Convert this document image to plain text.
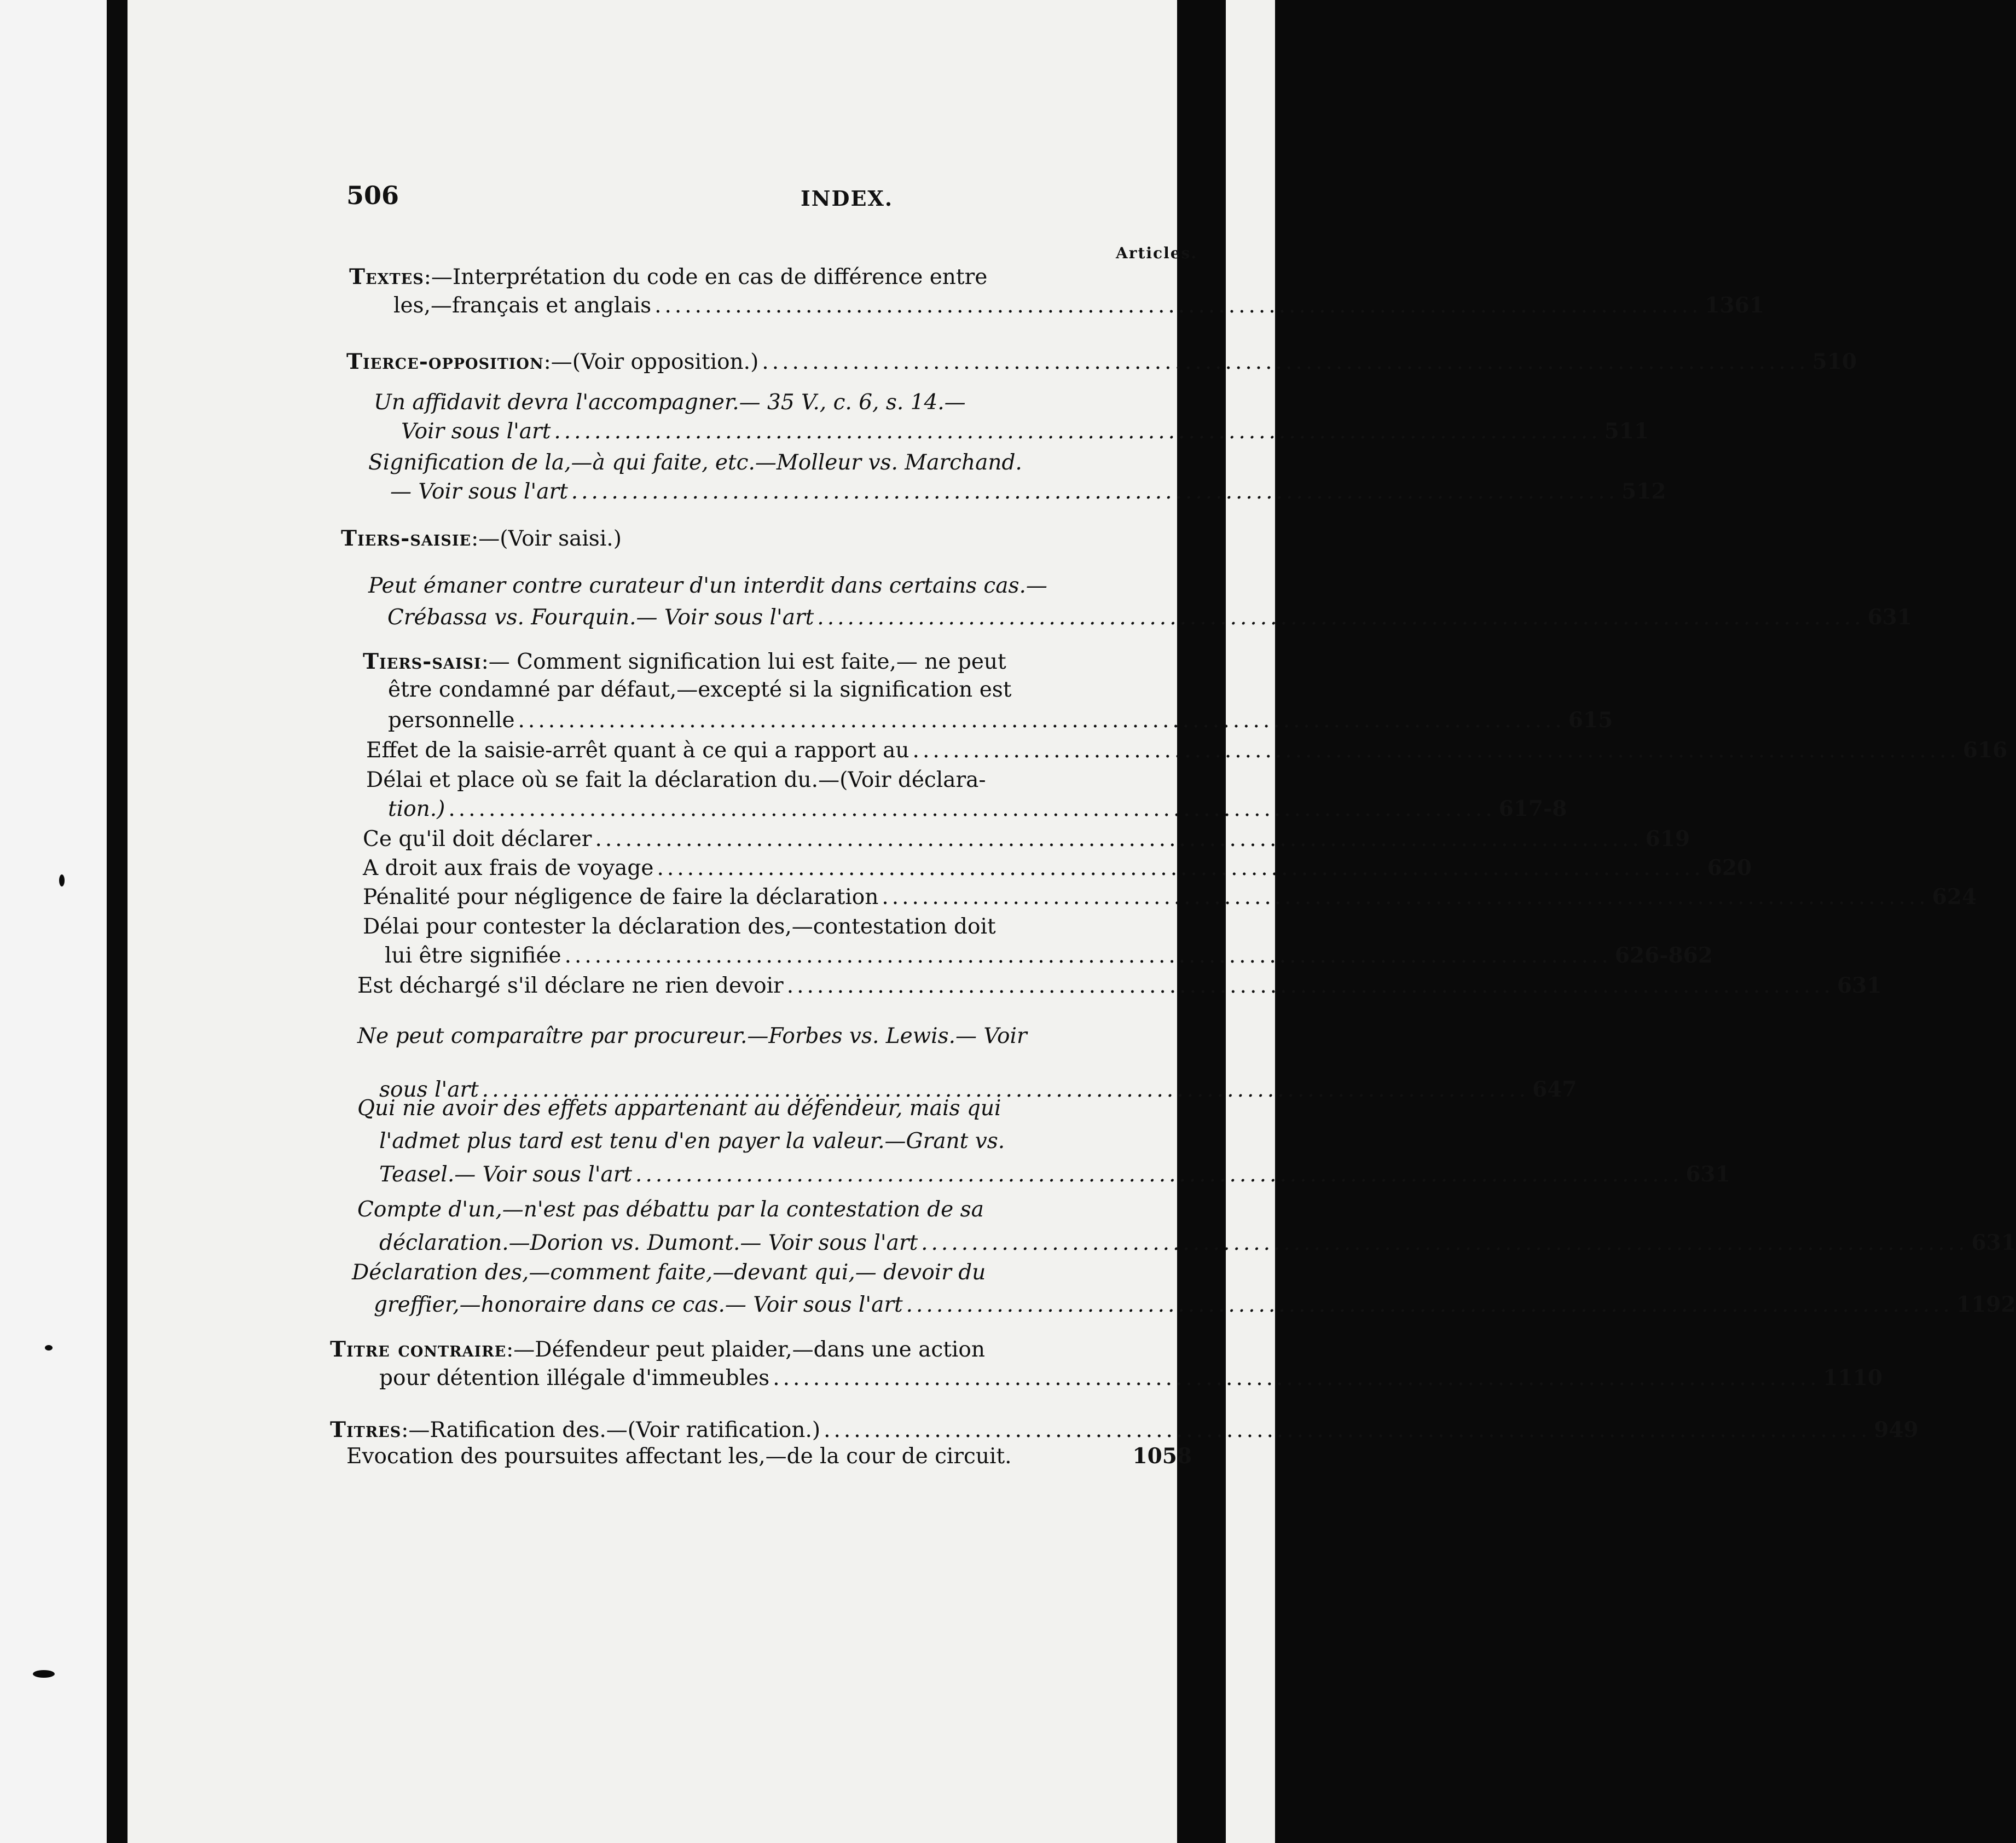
506	INDEX.
Articles.
Textes:—Interprétation du code en cas de différence entre
les,—français et anglais ........................................................................................................ 1361
Tierce-opposition:—(Voir opposition.) ........................................................................................................ 510
Un affidavit devra l'accompagner.— 35 V., c. 6, s. 14.—
Voir sous l'art ........................................................................................................ 511
Signification de la,—à qui faite, etc.—Molleur vs. Marchand.
— Voir sous l'art ........................................................................................................ 512
Tiers-saisie:—(Voir saisi.)
Peut émaner contre curateur d'un interdit dans certains cas.—
Crébassa vs. Fourquin.— Voir sous l'art ........................................................................................................ 631
Tiers-saisi:— Comment signification lui est faite,— ne peut
être condamné par défaut,—excepté si la signification est
personnelle ........................................................................................................ 615
Effet de la saisie-arrêt quant à ce qui a rapport au ........................................................................................................ 616
Délai et place où se fait la déclaration du.—(Voir déclara-
tion.) ........................................................................................................ 617-8
Ce qu'il doit déclarer ........................................................................................................ 619
A droit aux frais de voyage ........................................................................................................ 620
Pénalité pour négligence de faire la déclaration ........................................................................................................ 624
Délai pour contester la déclaration des,—contestation doit
lui être signifiée ........................................................................................................ 626-862
Est déchargé s'il déclare ne rien devoir ........................................................................................................ 631
Ne peut comparaître par procureur.—Forbes vs. Lewis.— Voir
sous l'art ........................................................................................................ 647
Qui nie avoir des effets appartenant au défendeur, mais qui
l'admet plus tard est tenu d'en payer la valeur.—Grant vs.
Teasel.— Voir sous l'art ........................................................................................................ 631
Compte d'un,—n'est pas débattu par la contestation de sa
déclaration.—Dorion vs. Dumont.— Voir sous l'art ........................................................................................................ 631
Déclaration des,—comment faite,—devant qui,— devoir du
greffier,—honoraire dans ce cas.— Voir sous l'art ........................................................................................................ 1192
Titre contraire:—Défendeur peut plaider,—dans une action
pour détention illégale d'immeubles ........................................................................................................ 1110
Titres:—Ratification des.—(Voir ratification.) ........................................................................................................ 949
Evocation des poursuites affectant les,—de la cour de circuit.	1058
